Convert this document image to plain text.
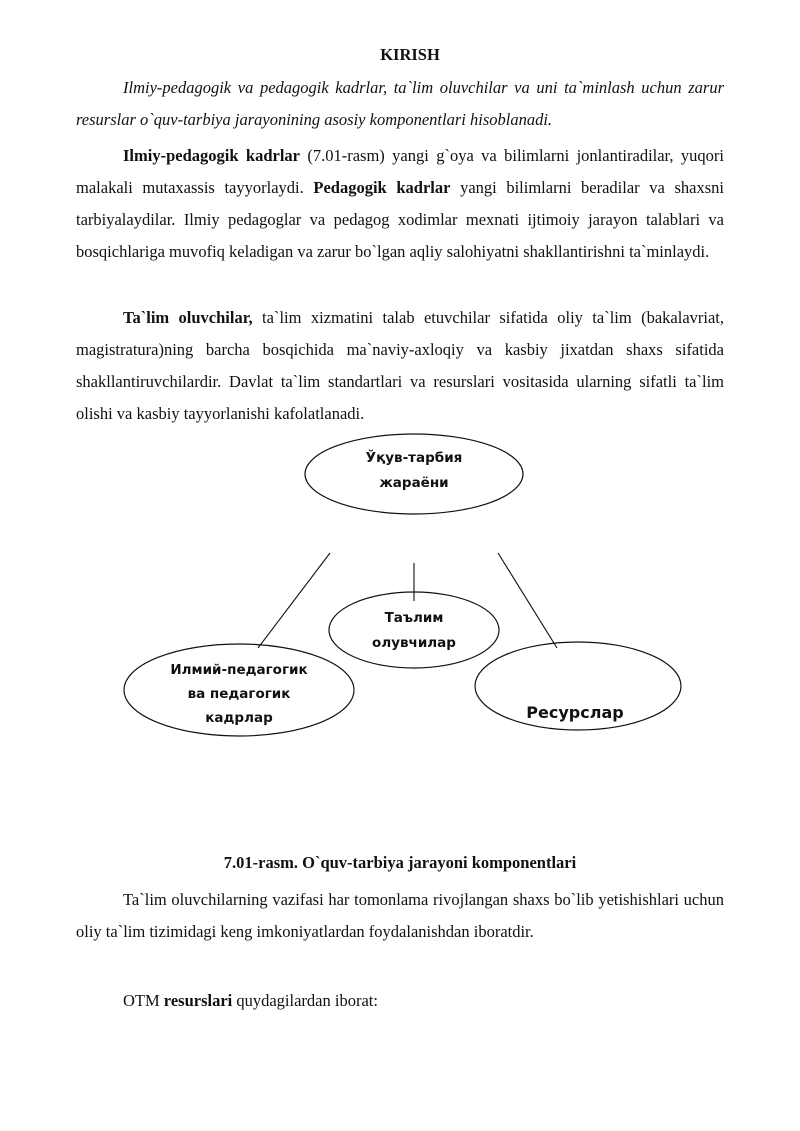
KIRISH

Ilmiy-pedagogik va pedagogik kadrlar, ta`lim oluvchilar va uni ta`minlash uchun zarur resurslar o`quv-tarbiya jarayonining asosiy komponentlari hisoblanadi.

Ilmiy-pedagogik kadrlar (7.01-rasm) yangi g`oya va bilimlarni jonlantiradilar, yuqori malakali mutaxassis tayyorlaydi. Pedagogik kadrlar yangi bilimlarni beradilar va shaxsni tarbiyalaydilar. Ilmiy pedagoglar va pedagog xodimlar mexnati ijtimoiy jarayon talablari va bosqichlariga muvofiq keladigan va zarur bo`lgan aqliy salohiyatni shakllantirishni ta`minlaydi.

Ta`lim oluvchilar, ta`lim xizmatini talab etuvchilar sifatida oliy ta`lim (bakalavriat, magistratura)ning barcha bosqichida ma`naviy-axloqiy va kasbiy jixatdan shaxs sifatida shakllantiruvchilardir. Davlat ta`lim standartlari va resurslari vositasida ularning sifatli ta`lim olishi va kasbiy tayyorlanishi kafolatlanadi.

Ўқув-тарбия
жараёни
Таълим
олувчилар
Илмий-педагогик
ва педагогик
кадрлар	Ресурслар
7.01-rasm. O`quv-tarbiya jarayoni komponentlari

Ta`lim oluvchilarning vazifasi har tomonlama rivojlangan shaxs bo`lib yetishishlari uchun oliy ta`lim tizimidagi keng imkoniyatlardan foydalanishdan iboratdir.

OTM resurslari quydagilardan iborat:
